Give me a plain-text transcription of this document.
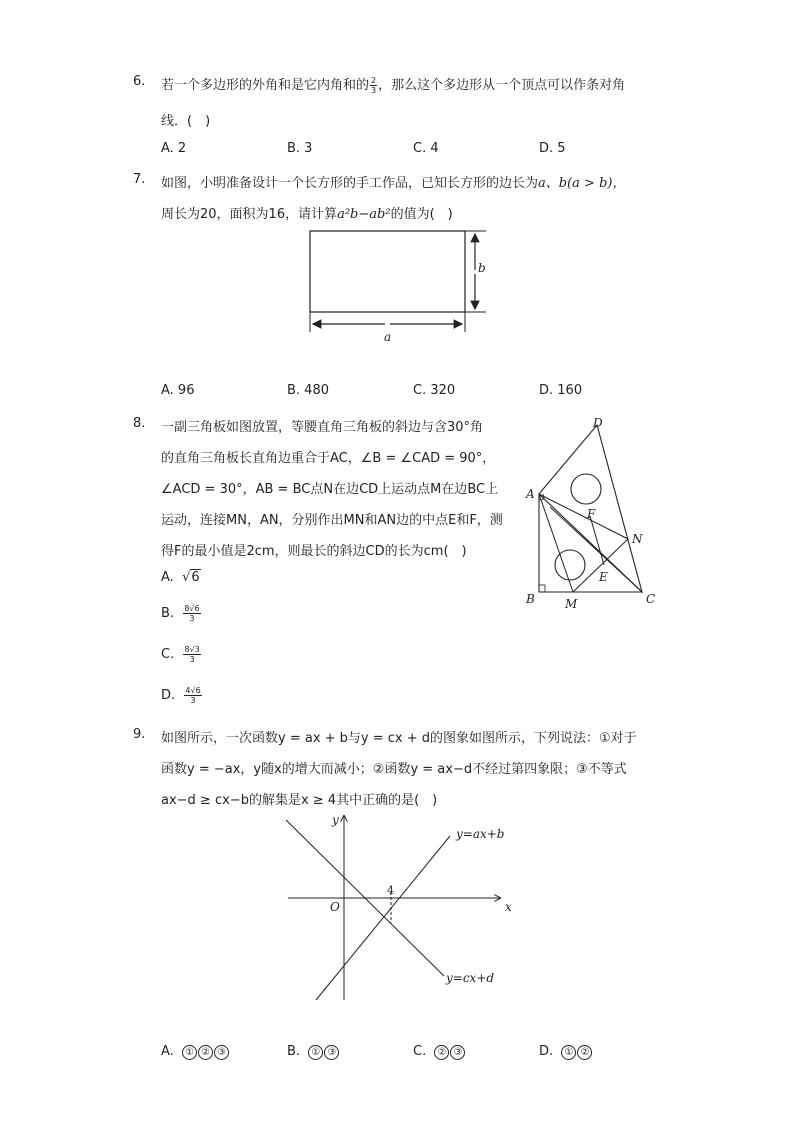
6. 若一个多边形的外角和是它内角和的 $\frac{2}{3}$ ，那么这个多边形从一个顶点可以作条对角
线．(　)
A. 2	B. 3	C. 4	D. 5
7. 如图，小明准备设计一个长方形的手工作品，已知长方形的边长为a、b(a > b)，
周长为20，面积为16，请计算a²b−ab²的值为(　)
b
a
A. 96	B. 480	C. 320	D. 160
8. 一副三角板如图放置，等腰直角三角板的斜边与含30°角
的直角三角板长直角边重合于AC，∠B = ∠CAD = 90°，
∠ACD = 30°，AB = BC点N在边CD上运动点M在边BC上
运动，连接MN，AN，分别作出MN和AN边的中点E和F，测
得F的最小值是2cm，则最长的斜边CD的长为cm(　)
A. √6
B. $\frac{8√6}{3}$
C. $\frac{8√3}{3}$
D. $\frac{4√6}{3}$
A
B	C
D
E
F
M
N
9. 如图所示，一次函数y = ax + b与y = cx + d的图象如图所示，下列说法：①对于
函数y = −ax，y随x的增大而减小；②函数y = ax−d不经过第四象限；③不等式
ax−d ≥ cx−b的解集是x ≥ 4其中正确的是(　)
x
y
O
4
y=ax+b
y=cx+d
A. ① ② ③	B. ① ③	C. ② ③	D. ① ②
